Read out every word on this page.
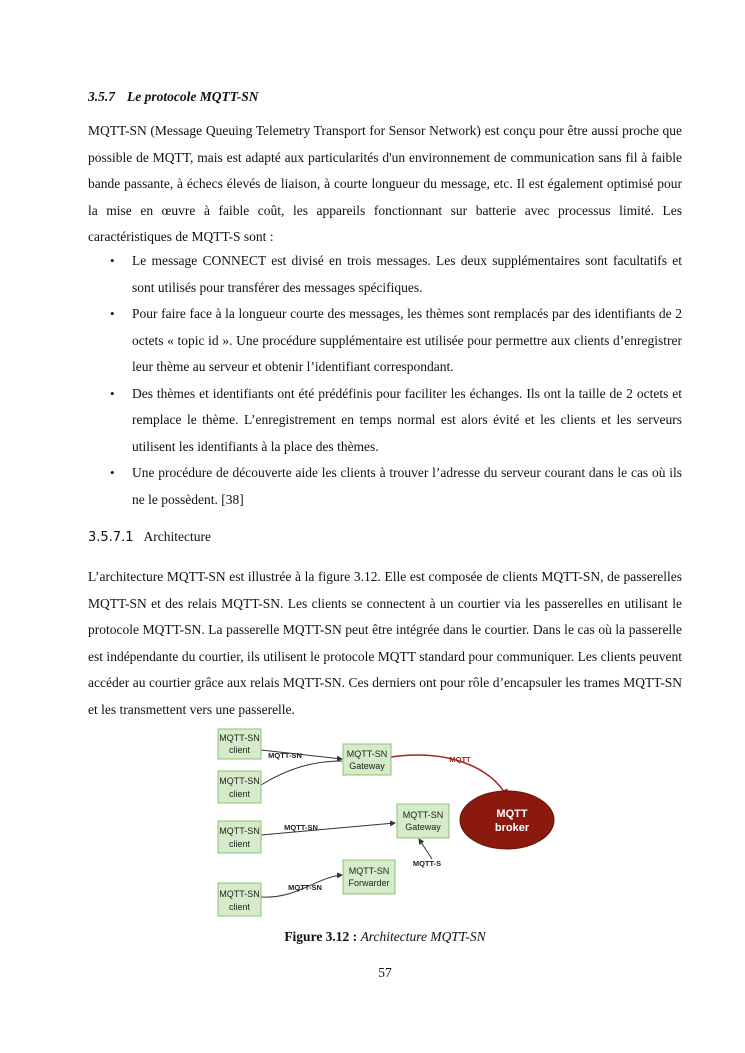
3.5.7 Le protocole MQTT-SN

MQTT-SN (Message Queuing Telemetry Transport for Sensor Network) est conçu pour être aussi proche que possible de MQTT, mais est adapté aux particularités d'un environnement de communication sans fil à faible bande passante, à échecs élevés de liaison, à courte longueur du message, etc. Il est également optimisé pour la mise en œuvre à faible coût, les appareils fonctionnant sur batterie avec processus limité. Les caractéristiques de MQTT-S sont :

• Le message CONNECT est divisé en trois messages. Les deux supplémentaires sont facultatifs et sont utilisés pour transférer des messages spécifiques.
• Pour faire face à la longueur courte des messages, les thèmes sont remplacés par des identifiants de 2 octets « topic id ». Une procédure supplémentaire est utilisée pour permettre aux clients d’enregistrer leur thème au serveur et obtenir l’identifiant correspondant.
• Des thèmes et identifiants ont été prédéfinis pour faciliter les échanges. Ils ont la taille de 2 octets et remplace le thème. L’enregistrement en temps normal est alors évité et les clients et les serveurs utilisent les identifiants à la place des thèmes.
• Une procédure de découverte aide les clients à trouver l’adresse du serveur courant dans le cas où ils ne le possèdent. [38]
3.5.7.1 Architecture

L’architecture MQTT-SN est illustrée à la figure 3.12. Elle est composée de clients MQTT-SN, de passerelles MQTT-SN et des relais MQTT-SN. Les clients se connectent à un courtier via les passerelles en utilisant le protocole MQTT-SN. La passerelle MQTT-SN peut être intégrée dans le courtier. Dans le cas où la passerelle est indépendante du courtier, ils utilisent le protocole MQTT standard pour communiquer. Les clients peuvent accéder au courtier grâce aux relais MQTT-SN. Ces derniers ont pour rôle d’encapsuler les trames MQTT-SN et les transmettent vers une passerelle.

MQTT-SN
client
MQTT-SN
client
MQTT-SN
client
MQTT-SN
client
MQTT-SN
Gateway
MQTT
broker
MQTT-SN
Gateway
MQTT-SN
Forwarder
MQTT-SN	MQTT
MQTT-SN
MQTT-S
MQTT-SN
Figure 3.12 : Architecture MQTT-SN
57
